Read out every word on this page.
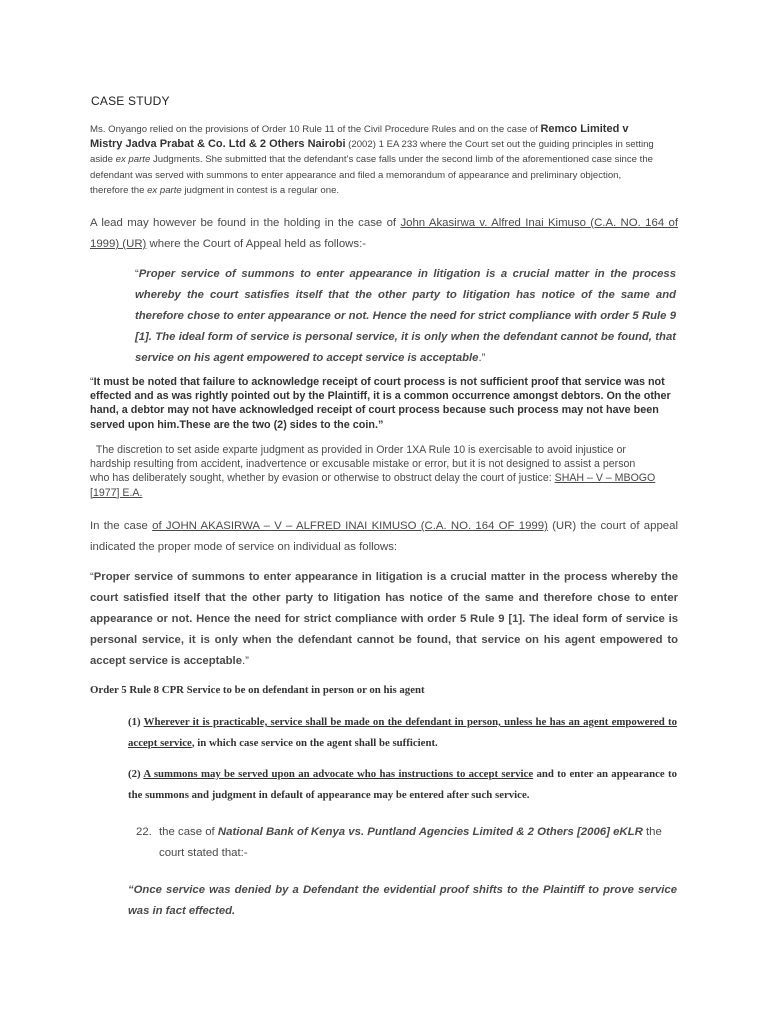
CASE STUDY

Ms. Onyango relied on the provisions of Order 10 Rule 11 of the Civil Procedure Rules and on the case of Remco Limited v Mistry Jadva Prabat & Co. Ltd & 2 Others Nairobi (2002) 1 EA 233 where the Court set out the guiding principles in setting aside ex parte Judgments. She submitted that the defendant’s case falls under the second limb of the aforementioned case since the defendant was served with summons to enter appearance and filed a memorandum of appearance and preliminary objection, therefore the ex parte judgment in contest is a regular one.

A lead may however be found in the holding in the case of John Akasirwa v. Alfred Inai Kimuso (C.A. NO. 164 of 1999) (UR) where the Court of Appeal held as follows:-

“Proper service of summons to enter appearance in litigation is a crucial matter in the process whereby the court satisfies itself that the other party to litigation has notice of the same and therefore chose to enter appearance or not. Hence the need for strict compliance with order 5 Rule 9 [1]. The ideal form of service is personal service, it is only when the defendant cannot be found, that service on his agent empowered to accept service is acceptable.”

“It must be noted that failure to acknowledge receipt of court process is not sufficient proof that service was not effected and as was rightly pointed out by the Plaintiff, it is a common occurrence amongst debtors. On the other hand, a debtor may not have acknowledged receipt of court process because such process may not have been served upon him.These are the two (2) sides to the coin.”

The discretion to set aside exparte judgment as provided in Order 1XA Rule 10 is exercisable to avoid injustice or hardship resulting from accident, inadvertence or excusable mistake or error, but it is not designed to assist a person who has deliberately sought, whether by evasion or otherwise to obstruct delay the court of justice: SHAH – V – MBOGO [1977] E.A.

In the case of JOHN AKASIRWA – V – ALFRED INAI KIMUSO (C.A. NO. 164 OF 1999) (UR) the court of appeal indicated the proper mode of service on individual as follows:

“Proper service of summons to enter appearance in litigation is a crucial matter in the process whereby the court satisfied itself that the other party to litigation has notice of the same and therefore chose to enter appearance or not. Hence the need for strict compliance with order 5 Rule 9 [1]. The ideal form of service is personal service, it is only when the defendant cannot be found, that service on his agent empowered to accept service is acceptable.”

Order 5 Rule 8 CPR Service to be on defendant in person or on his agent

(1) Wherever it is practicable, service shall be made on the defendant in person, unless he has an agent empowered to accept service, in which case service on the agent shall be sufficient.

(2) A summons may be served upon an advocate who has instructions to accept service and to enter an appearance to the summons and judgment in default of appearance may be entered after such service.

22. the case of National Bank of Kenya vs. Puntland Agencies Limited & 2 Others [2006] eKLR the court stated that:-

“Once service was denied by a Defendant the evidential proof shifts to the Plaintiff to prove service was in fact effected.
